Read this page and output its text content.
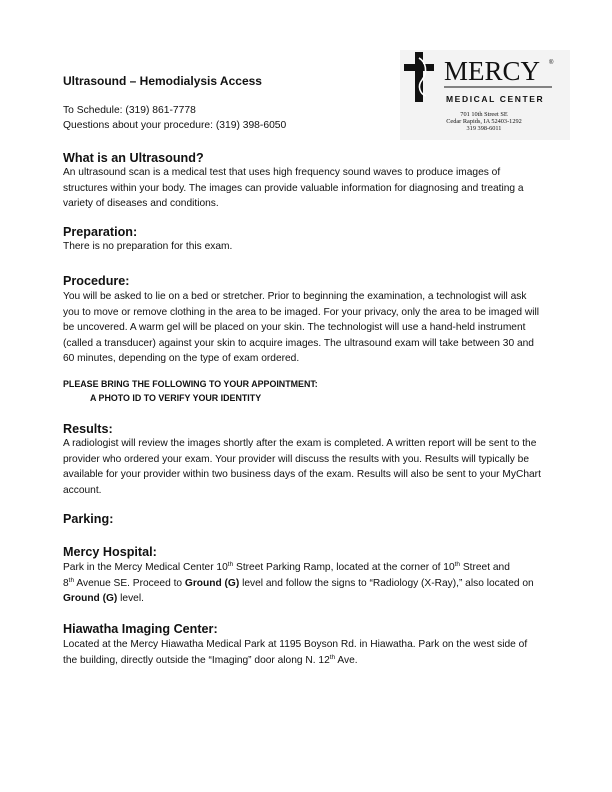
MERCY ®
MEDICAL CENTER
701 10th Street SE
Cedar Rapids, IA 52403-1292
319 398-6011
Ultrasound – Hemodialysis Access
To Schedule: (319) 861-7778
Questions about your procedure: (319) 398-6050
What is an Ultrasound?

An ultrasound scan is a medical test that uses high frequency sound waves to produce images of structures within your body. The images can provide valuable information for diagnosing and treating a variety of diseases and conditions.

Preparation:

There is no preparation for this exam.

Procedure:

You will be asked to lie on a bed or stretcher. Prior to beginning the examination, a technologist will ask you to move or remove clothing in the area to be imaged. For your privacy, only the area to be imaged will be uncovered. A warm gel will be placed on your skin. The technologist will use a hand-held instrument (called a transducer) against your skin to acquire images. The ultrasound exam will take between 30 and 60 minutes, depending on the type of exam ordered.

PLEASE BRING THE FOLLOWING TO YOUR APPOINTMENT:
A PHOTO ID TO VERIFY YOUR IDENTITY
Results:

A radiologist will review the images shortly after the exam is completed. A written report will be sent to the provider who ordered your exam. Your provider will discuss the results with you. Results will typically be available for your provider within two business days of the exam. Results will also be sent to your MyChart account.

Parking:
Mercy Hospital:

Park in the Mercy Medical Center 10th Street Parking Ramp, located at the corner of 10th Street and
8th Avenue SE. Proceed to Ground (G) level and follow the signs to “Radiology (X-Ray),” also located on Ground (G) level.

Hiawatha Imaging Center:

Located at the Mercy Hiawatha Medical Park at 1195 Boyson Rd. in Hiawatha. Park on the west side of the building, directly outside the “Imaging” door along N. 12th Ave.
